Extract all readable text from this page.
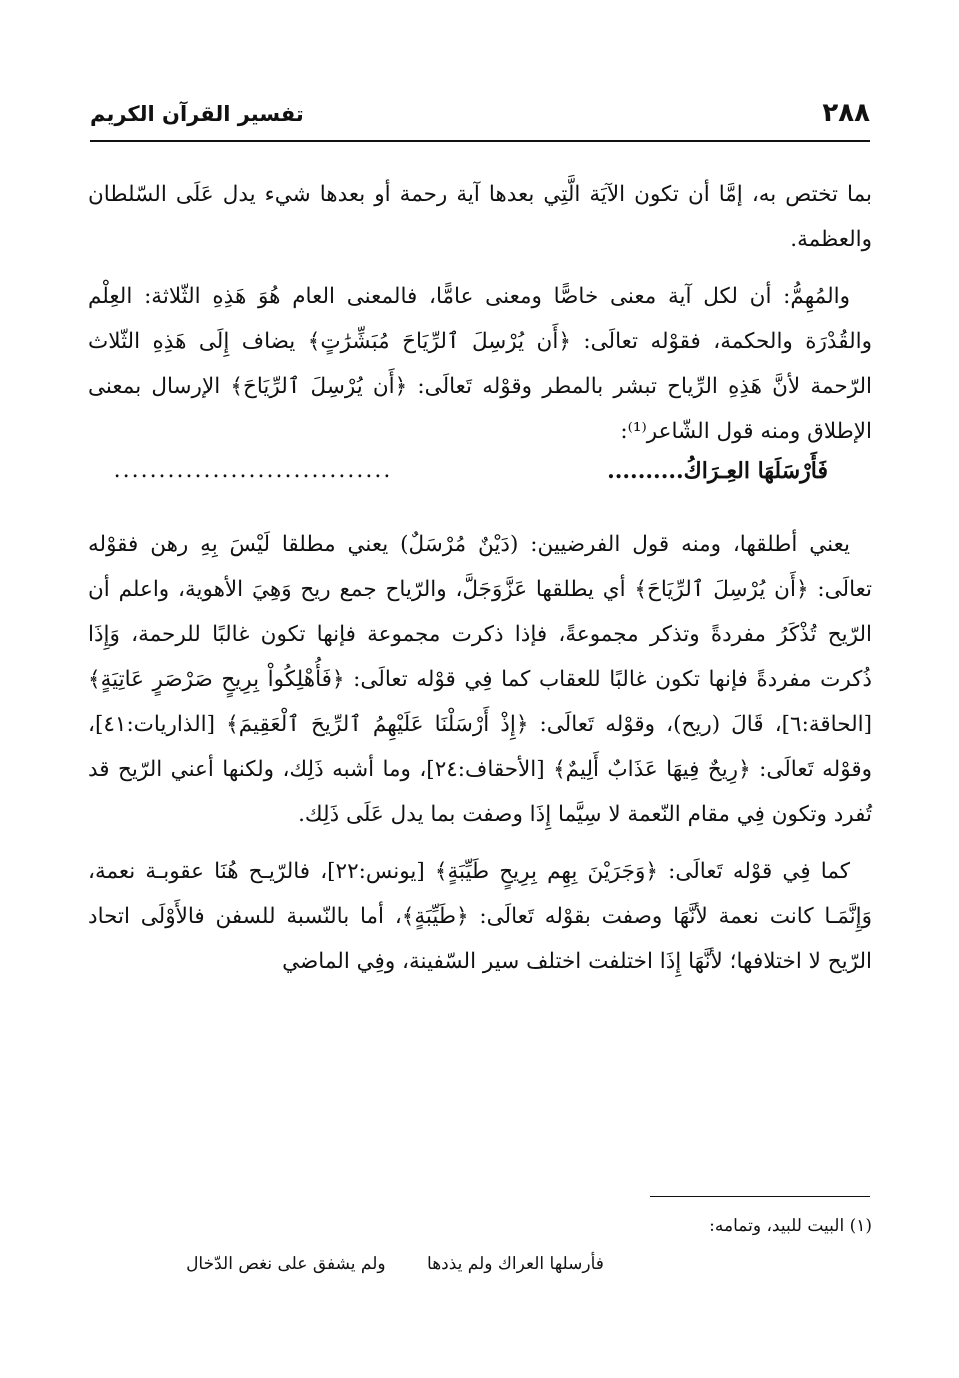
٢٨٨
تفسير القرآن الكريم

بما تختص به، إمَّا أن تكون الآيَة الَّتِي بعدها آية رحمة أو بعدها شيء يدل عَلَى السّلطان والعظمة.

والمُهِمُّ: أن لكل آية معنى خاصًّا ومعنى عامًّا، فالمعنى العام هُوَ هَذِهِ الثّلاثة: العِلْم والقُدْرَة والحكمة، فقوْله تعالَى: ﴿أَن يُرْسِلَ ٱلرِّيَاحَ مُبَشِّرَٰتٍ﴾ يضاف إِلَى هَذِهِ الثّلاث الرّحمة لأنَّ هَذِهِ الرِّياح تبشر بالمطر وقوْله تَعالَى: ﴿أَن يُرْسِلَ ٱلرِّيَاحَ﴾ الإرسال بمعنى الإطلاق ومنه قول الشّاعر⁽¹⁾:

فَأَرْسَلَهَا العِـرَاكُ..........
...............................

يعني أطلقها، ومنه قول الفرضيين: (دَيْنٌ مُرْسَلٌ) يعني مطلقا لَيْسَ بِهِ رهن فقوْله تعالَى: ﴿أَن يُرْسِلَ ٱلرِّيَاحَ﴾ أي يطلقها عَزَّوَجَلَّ، والرّياح جمع ريح وَهِيَ الأهوية، واعلم أن الرّيح تُذْكَرُ مفردةً وتذكر مجموعةً، فإذا ذكرت مجموعة فإنها تكون غالبًا للرحمة، وَإِذَا ذُكرت مفردةً فإنها تكون غالبًا للعقاب كما فِي قوْله تعالَى: ﴿فَأُهْلِكُواْ بِرِيحٍ صَرْصَرٍ عَاتِيَةٍ﴾ [الحاقة:٦]، قَالَ (ريح)، وقوْله تَعالَى: ﴿إِذْ أَرْسَلْنَا عَلَيْهِمُ ٱلرِّيحَ ٱلْعَقِيمَ﴾ [الذاريات:٤١]، وقوْله تَعالَى: ﴿رِيحٌ فِيهَا عَذَابٌ أَلِيمٌ﴾ [الأحقاف:٢٤]، وما أشبه ذَلِك، ولكنها أعني الرّيح قد تُفرد وتكون فِي مقام النّعمة لا سِيَّما إِذَا وصفت بما يدل عَلَى ذَلِك.

كما فِي قوْله تَعالَى: ﴿وَجَرَيْنَ بِهِم بِرِيحٍ طَيِّبَةٍ﴾ [يونس:٢٢]، فالرّيـح هُنَا عقوبـة نعمة، وَإِنَّمَـا كانت نعمة لأنَّهَا وصفت بقوْله تَعالَى: ﴿طَيِّبَةٍ﴾، أما بالنّسبة للسفن فالأَوْلَى اتحاد الرّيح لا اختلافها؛ لأنَّهَا إِذَا اختلفت اختلف سير السّفينة، وفِي الماضي

(١) البيت للبيد، وتمامه:

فأرسلها العراك ولم يذدها ولم يشفق على نغص الدّخال
